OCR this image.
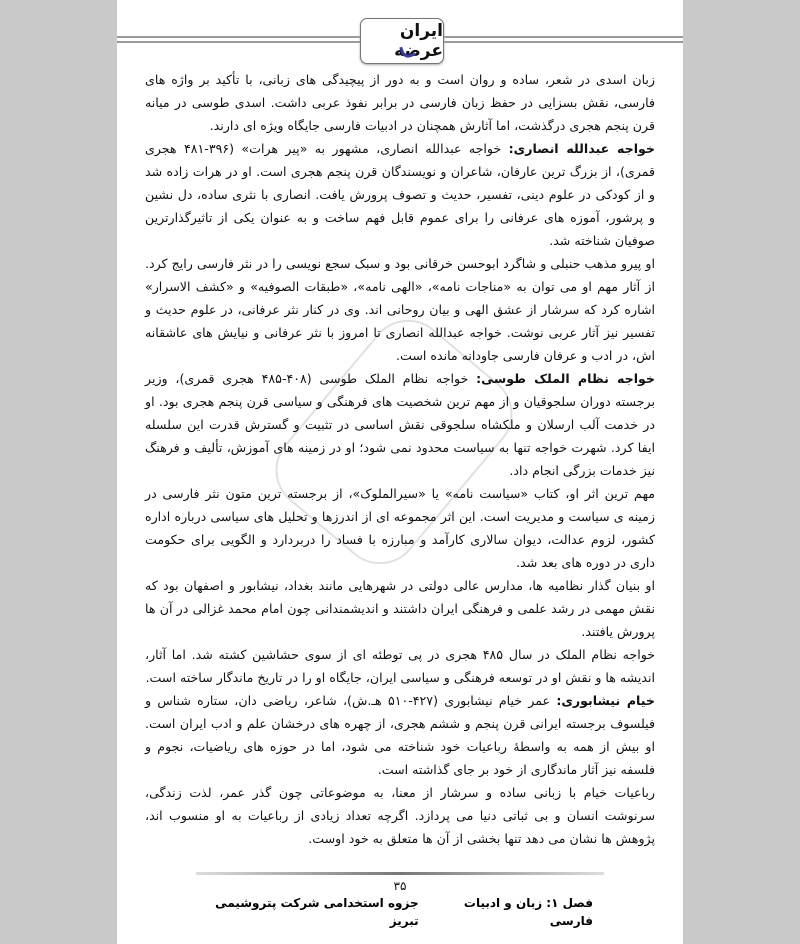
ایران عرضه

زبان اسدی در شعر، ساده و روان است و به دور از پیچیدگی های زبانی، با تأکید بر واژه های فارسی، نقش بسزایی در حفظ زبان فارسی در برابر نفوذ عربی داشت. اسدی طوسی در میانه قرن پنجم هجری درگذشت، اما آثارش همچنان در ادبیات فارسی جایگاه ویژه ای دارند.

خواجه عبدالله انصاری: خواجه عبدالله انصاری، مشهور به «پیر هرات» (۳۹۶-۴۸۱ هجری قمری)، از بزرگ ترین عارفان، شاعران و نویسندگان قرن پنجم هجری است. او در هرات زاده شد و از کودکی در علوم دینی، تفسیر، حدیث و تصوف پرورش یافت. انصاری با نثری ساده، دل نشین و پرشور، آموزه های عرفانی را برای عموم قابل فهم ساخت و به عنوان یکی از تاثیرگذارترین صوفیان شناخته شد.

او پیرو مذهب حنبلی و شاگرد ابوحسن خرقانی بود و سبک سجع نویسی را در نثر فارسی رایج کرد. از آثار مهم او می توان به «مناجات نامه»، «الهی نامه»، «طبقات الصوفیه» و «کشف الاسرار» اشاره کرد که سرشار از عشق الهی و بیان روحانی اند. وی در کنار نثر عرفانی، در علوم حدیث و تفسیر نیز آثار عربی نوشت. خواجه عبدالله انصاری تا امروز با نثر عرفانی و نیایش های عاشقانه اش، در ادب و عرفان فارسی جاودانه مانده است.

خواجه نظام الملک طوسی: خواجه نظام الملک طوسی (۴۰۸-۴۸۵ هجری قمری)، وزیر برجسته دوران سلجوقیان و از مهم ترین شخصیت های فرهنگی و سیاسی قرن پنجم هجری بود. او در خدمت آلب ارسلان و ملکشاه سلجوقی نقش اساسی در تثبیت و گسترش قدرت این سلسله ایفا کرد. شهرت خواجه تنها به سیاست محدود نمی شود؛ او در زمینه های آموزش، تألیف و فرهنگ نیز خدمات بزرگی انجام داد.

مهم ترین اثر او، کتاب «سیاست نامه» یا «سیرالملوک»، از برجسته ترین متون نثر فارسی در زمینه ی سیاست و مدیریت است. این اثر مجموعه ای از اندرزها و تحلیل های سیاسی درباره اداره کشور، لزوم عدالت، دیوان سالاری کارآمد و مبارزه با فساد را دربردارد و الگویی برای حکومت داری در دوره های بعد شد.

او بنیان گذار نظامیه ها، مدارس عالی دولتی در شهرهایی مانند بغداد، نیشابور و اصفهان بود که نقش مهمی در رشد علمی و فرهنگی ایران داشتند و اندیشمندانی چون امام محمد غزالی در آن ها پرورش یافتند.

خواجه نظام الملک در سال ۴۸۵ هجری در پی توطئه ای از سوی حشاشین کشته شد. اما آثار، اندیشه ها و نقش او در توسعه فرهنگی و سیاسی ایران، جایگاه او را در تاریخ ماندگار ساخته است.

خیام نیشابوری: عمر خیام نیشابوری (۴۲۷-۵۱۰ هـ.ش)، شاعر، ریاضی دان، ستاره شناس و فیلسوف برجسته ایرانی قرن پنجم و ششم هجری، از چهره های درخشان علم و ادب ایران است. او بیش از همه به واسطهٔ رباعیات خود شناخته می شود، اما در حوزه های ریاضیات، نجوم و فلسفه نیز آثار ماندگاری از خود بر جای گذاشته است.

رباعیات خیام با زبانی ساده و سرشار از معنا، به موضوعاتی چون گذر عمر، لذت زندگی، سرنوشت انسان و بی ثباتی دنیا می پردازد. اگرچه تعداد زیادی از رباعیات به او منسوب اند، پژوهش ها نشان می دهد تنها بخشی از آن ها متعلق به خود اوست.

۳۵
فصل ۱: زبان و ادبیات فارسی
جزوه استخدامی شرکت پتروشیمی تبریز
